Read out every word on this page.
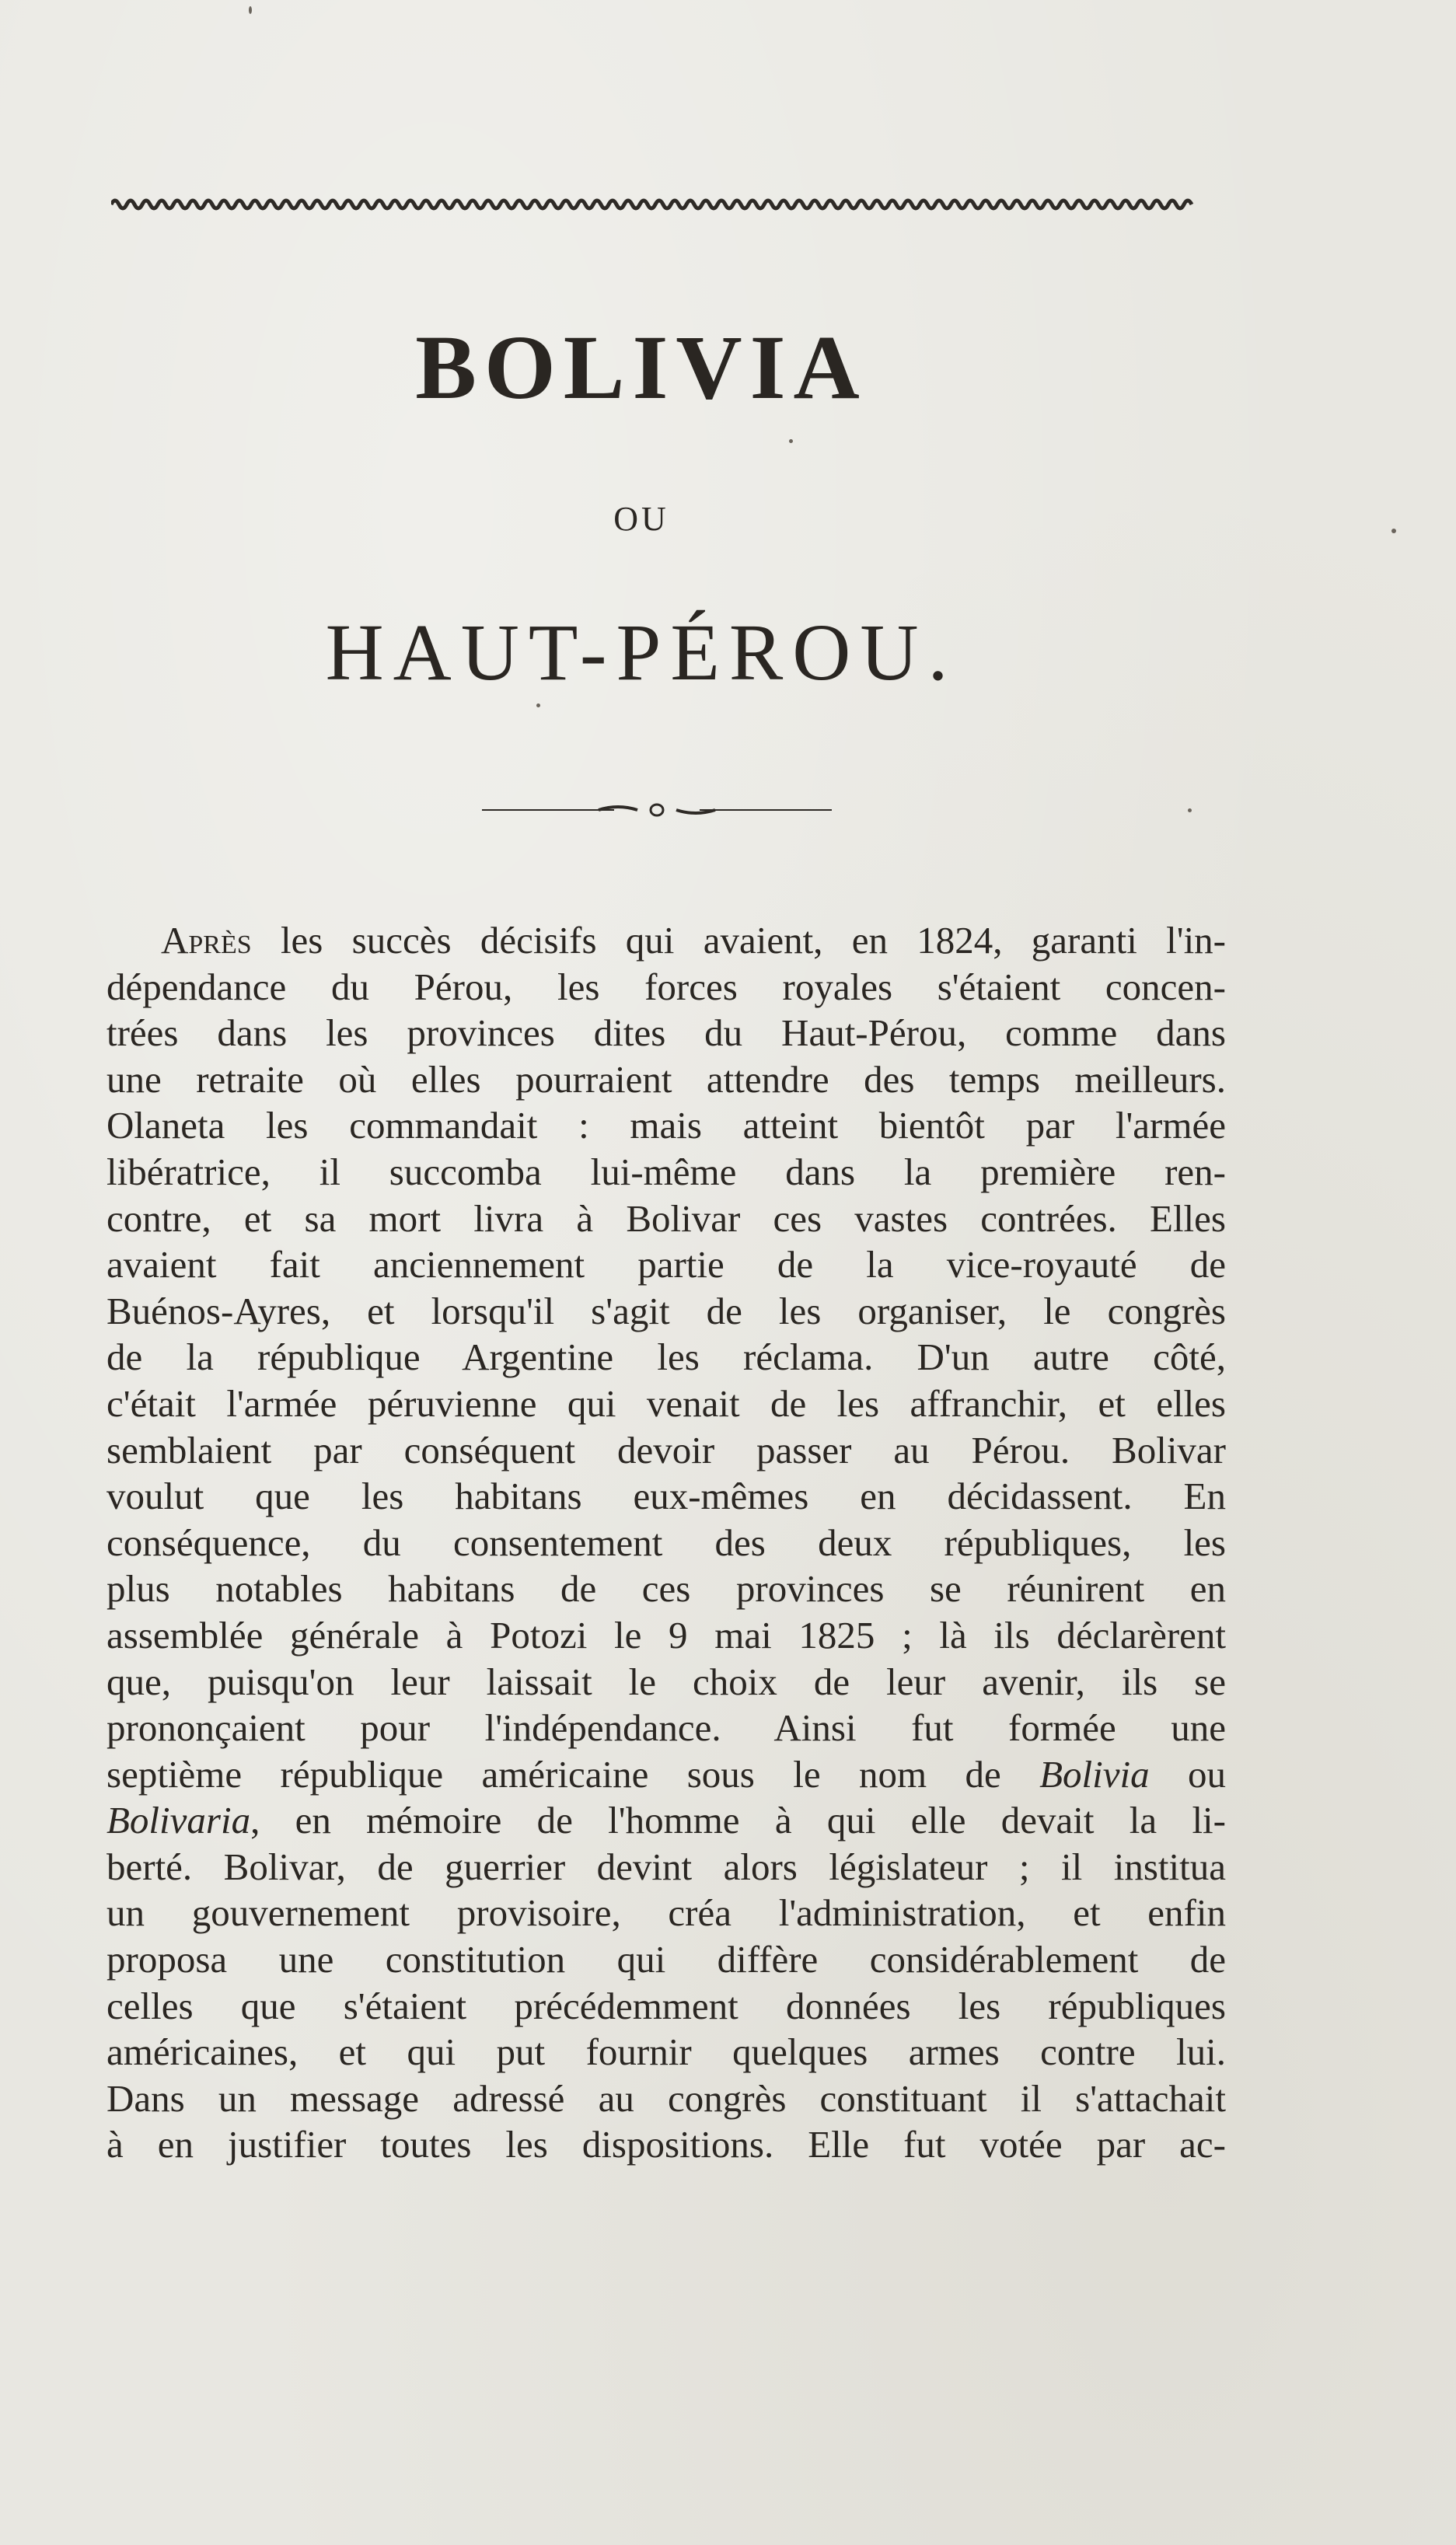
BOLIVIA
OU
HAUT-PÉROU.
Après les succès décisifs qui avaient, en 1824, garanti l'in-
dépendance du Pérou, les forces royales s'étaient concen-
trées dans les provinces dites du Haut-Pérou, comme dans
une retraite où elles pourraient attendre des temps meilleurs.
Olaneta les commandait : mais atteint bientôt par l'armée
libératrice, il succomba lui-même dans la première ren-
contre, et sa mort livra à Bolivar ces vastes contrées. Elles
avaient fait anciennement partie de la vice-royauté de
Buénos-Ayres, et lorsqu'il s'agit de les organiser, le congrès
de la république Argentine les réclama. D'un autre côté,
c'était l'armée péruvienne qui venait de les affranchir, et elles
semblaient par conséquent devoir passer au Pérou. Bolivar
voulut que les habitans eux-mêmes en décidassent. En
conséquence, du consentement des deux républiques, les
plus notables habitans de ces provinces se réunirent en
assemblée générale à Potozi le 9 mai 1825 ; là ils déclarèrent
que, puisqu'on leur laissait le choix de leur avenir, ils se
prononçaient pour l'indépendance. Ainsi fut formée une
septième république américaine sous le nom de Bolivia ou
Bolivaria, en mémoire de l'homme à qui elle devait la li-
berté. Bolivar, de guerrier devint alors législateur ; il institua
un gouvernement provisoire, créa l'administration, et enfin
proposa une constitution qui diffère considérablement de
celles que s'étaient précédemment données les républiques
américaines, et qui put fournir quelques armes contre lui.
Dans un message adressé au congrès constituant il s'attachait
à en justifier toutes les dispositions. Elle fut votée par ac-
